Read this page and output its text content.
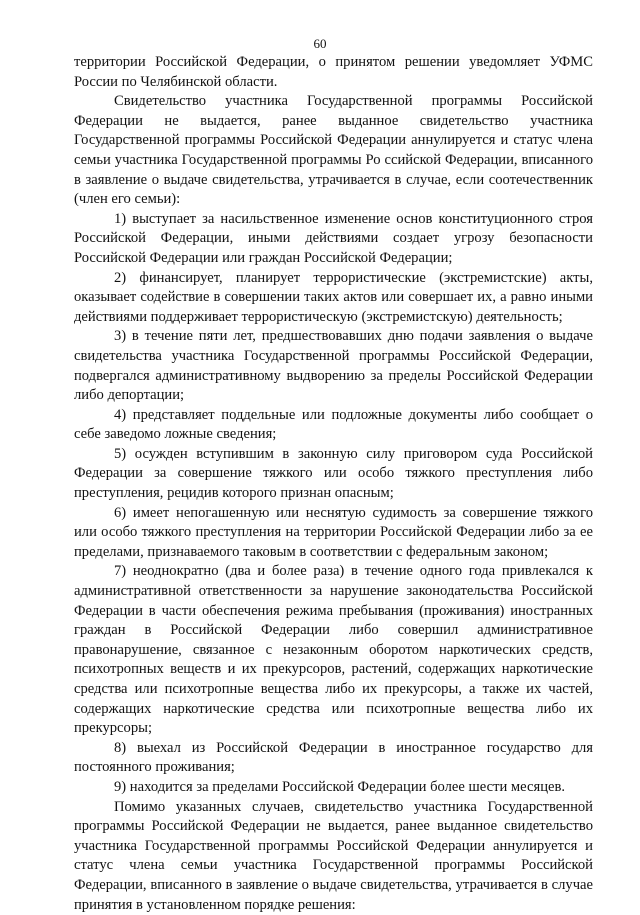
60

территории Российской Федерации, о принятом решении уведомляет УФМС России по Челябинской области.

Свидетельство участника Государственной программы Российской Федерации не выдается, ранее выданное свидетельство участника Государственной программы Российской Федерации аннулируется и статус члена семьи участника Государственной программы Ро ссийской Федерации, вписанного в заявление о выдаче свидетельства, утрачивается в случае, если соотечественник (член его семьи):

1) выступает за насильственное изменение основ конституционного строя Российской Федерации, иными действиями создает угрозу безопасности Российской Федерации или граждан Российской Федерации;

2) финансирует, планирует террористические (экстремистские) акты, оказывает содействие в совершении таких актов или совершает их, а равно иными действиями поддерживает террористическую (экстремистскую) деятельность;

3) в течение пяти лет, предшествовавших дню подачи заявления о выдаче свидетельства участника Государственной программы Российской Федерации, подвергался административному выдворению за пределы Российской Федерации либо депортации;

4) представляет поддельные или подложные документы либо сообщает о себе заведомо ложные сведения;

5) осужден вступившим в законную силу приговором суда Российской Федерации за совершение тяжкого или особо тяжкого преступления либо преступления, рецидив которого признан опасным;

6) имеет непогашенную или неснятую судимость за совершение тяжкого или особо тяжкого преступления на территории Российской Федерации либо за ее пределами, признаваемого таковым в соответствии с федеральным законом;

7) неоднократно (два и более раза) в течение одного года привлекался к административной ответственности за нарушение законодательства Российской Федерации в части обеспечения режима пребывания (проживания) иностранных граждан в Российской Федерации либо совершил административное правонарушение, связанное с незаконным оборотом наркотических средств, психотропных веществ и их прекурсоров, растений, содержащих наркотические средства или психотропные вещества либо их прекурсоры, а также их частей, содержащих наркотические средства или психотропные вещества либо их прекурсоры;

8) выехал из Российской Федерации в иностранное государство для постоянного проживания;

9) находится за пределами Российской Федерации более шести месяцев.

Помимо указанных случаев, свидетельство участника Государственной программы Российской Федерации не выдается, ранее выданное свидетельство участника Государственной программы Российской Федерации аннулируется и статус члена семьи участника Государственной программы Российской Федерации, вписанного в заявление о выдаче свидетельства, утрачивается в случае принятия в установленном порядке решения:
